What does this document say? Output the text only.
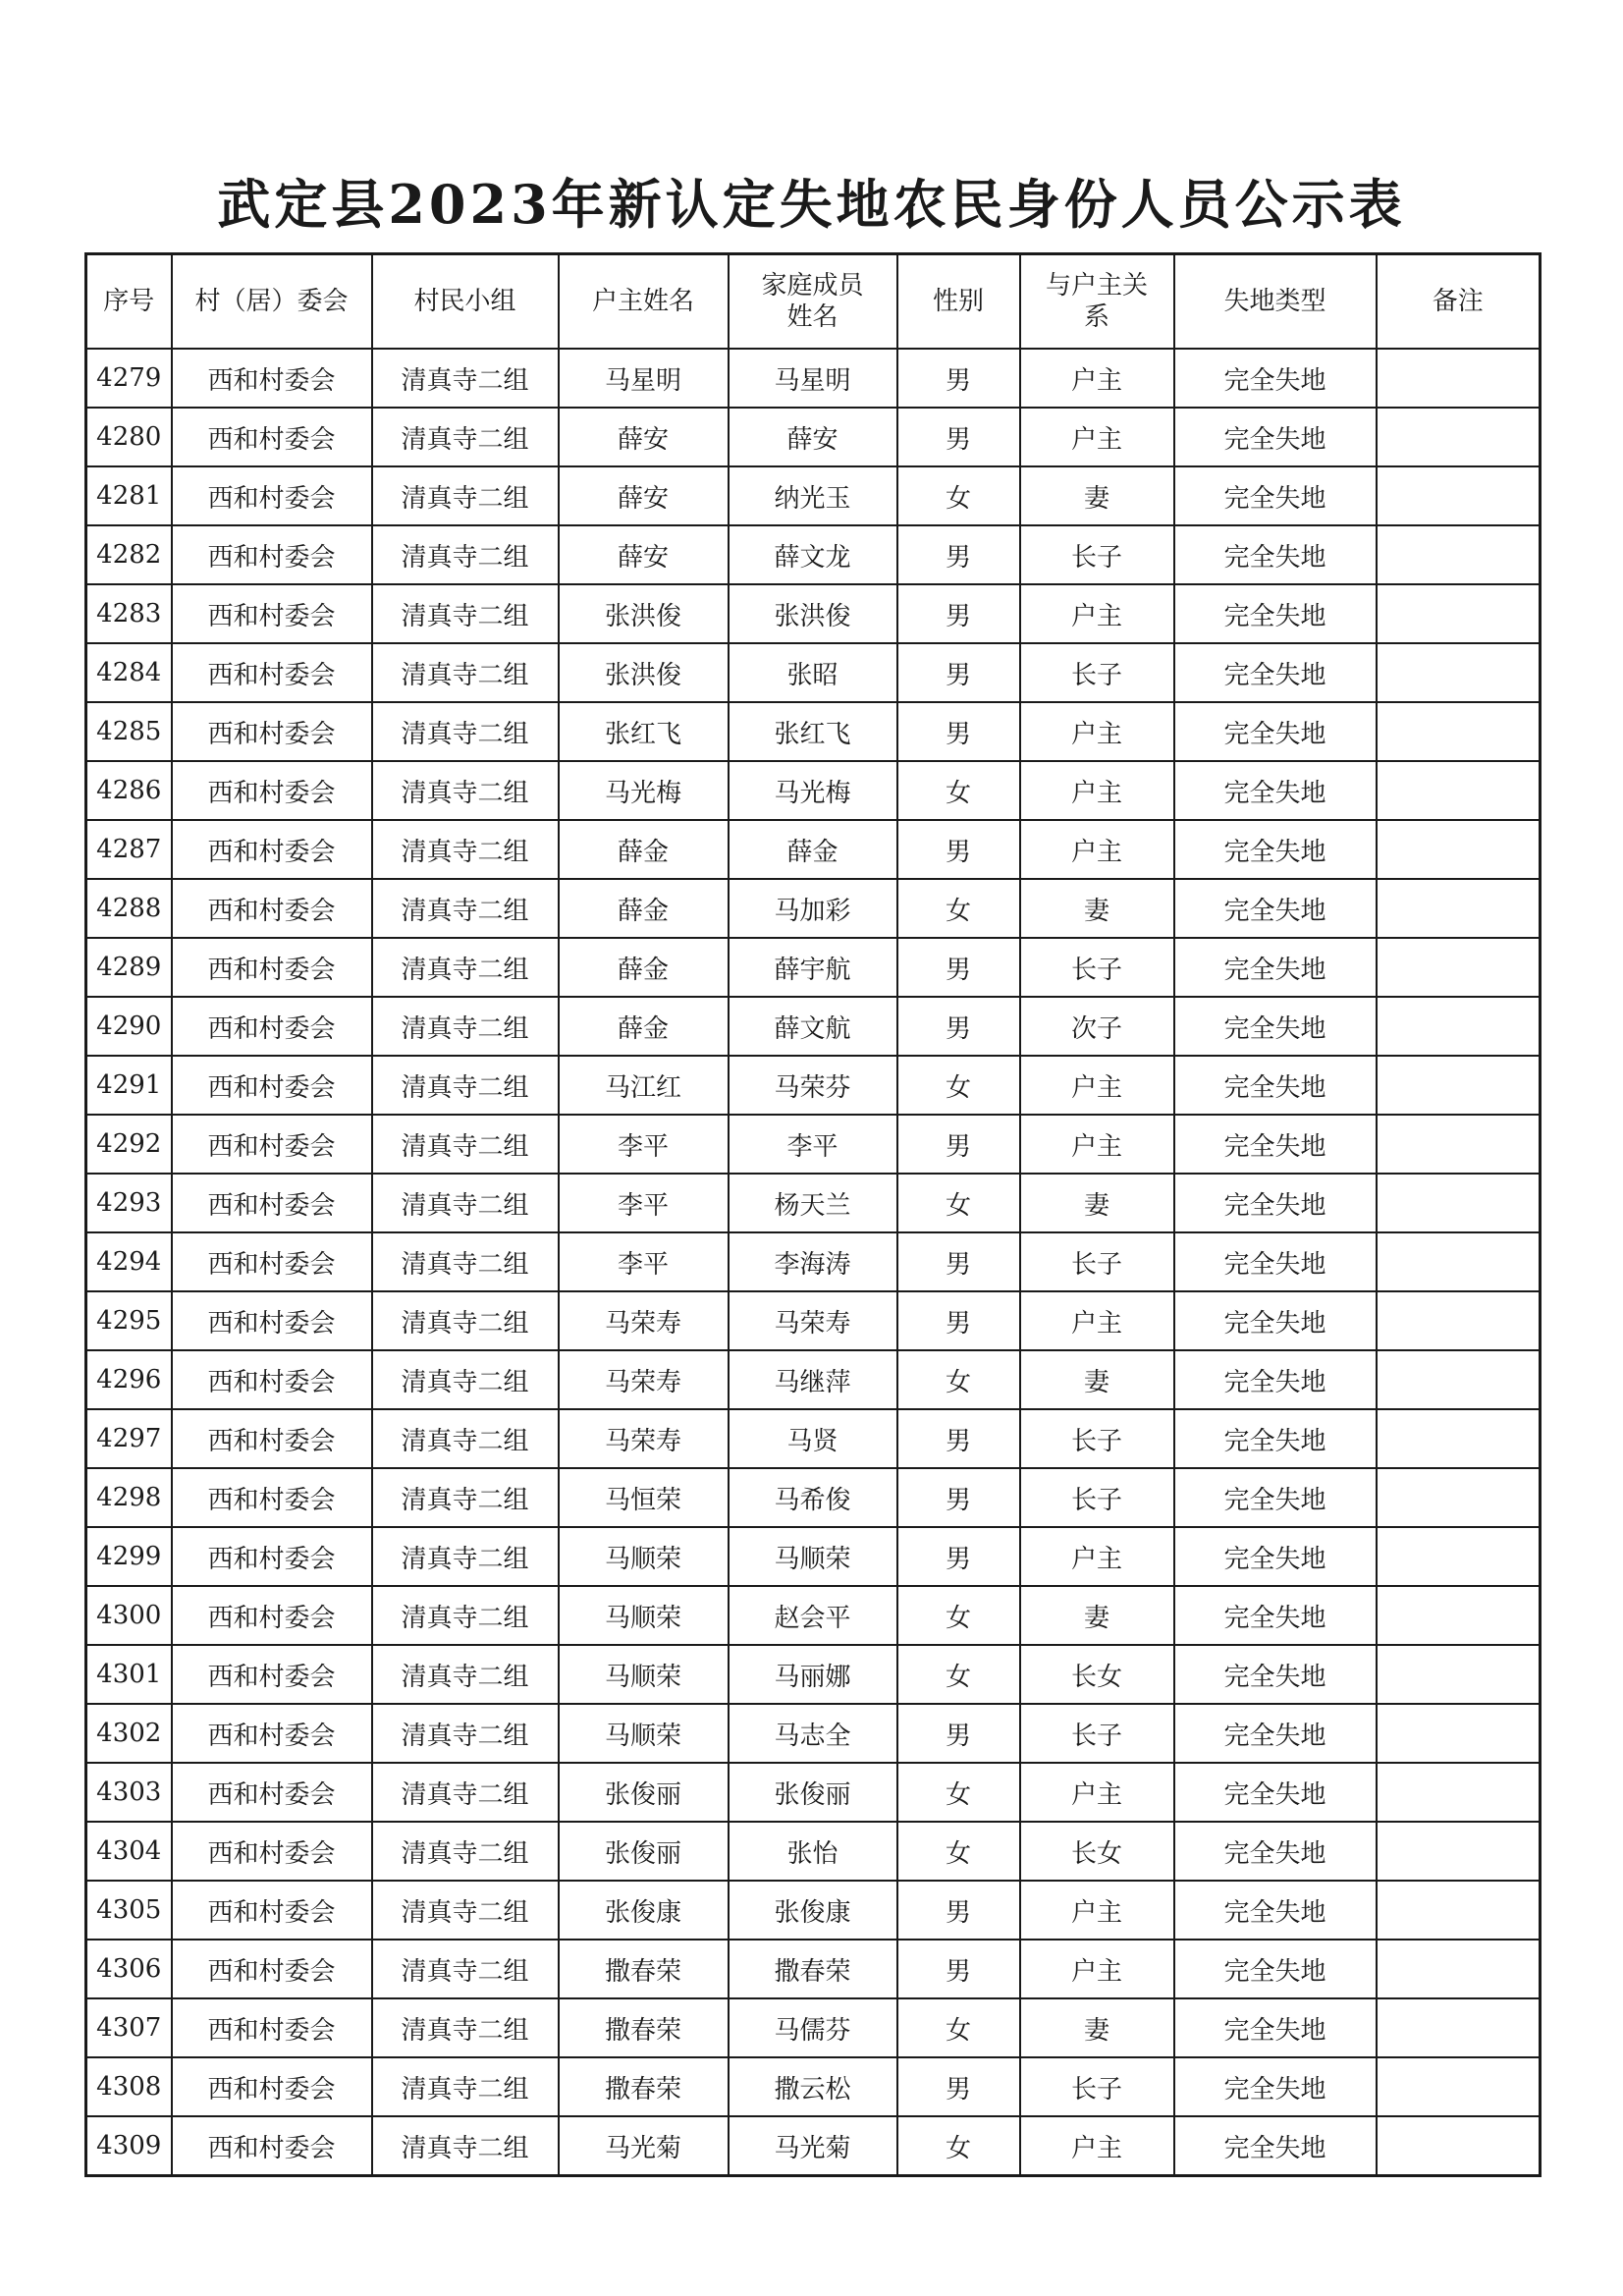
武定县2023年新认定失地农民身份人员公示表
序号	村（居）委会	村民小组	户主姓名	家庭成员姓名	性别	与户主关系	失地类型	备注
4279	西和村委会	清真寺二组	马星明	马星明	男	户主	完全失地	
4280	西和村委会	清真寺二组	薛安	薛安	男	户主	完全失地	
4281	西和村委会	清真寺二组	薛安	纳光玉	女	妻	完全失地	
4282	西和村委会	清真寺二组	薛安	薛文龙	男	长子	完全失地	
4283	西和村委会	清真寺二组	张洪俊	张洪俊	男	户主	完全失地	
4284	西和村委会	清真寺二组	张洪俊	张昭	男	长子	完全失地	
4285	西和村委会	清真寺二组	张红飞	张红飞	男	户主	完全失地	
4286	西和村委会	清真寺二组	马光梅	马光梅	女	户主	完全失地	
4287	西和村委会	清真寺二组	薛金	薛金	男	户主	完全失地	
4288	西和村委会	清真寺二组	薛金	马加彩	女	妻	完全失地	
4289	西和村委会	清真寺二组	薛金	薛宇航	男	长子	完全失地	
4290	西和村委会	清真寺二组	薛金	薛文航	男	次子	完全失地	
4291	西和村委会	清真寺二组	马江红	马荣芬	女	户主	完全失地	
4292	西和村委会	清真寺二组	李平	李平	男	户主	完全失地	
4293	西和村委会	清真寺二组	李平	杨天兰	女	妻	完全失地	
4294	西和村委会	清真寺二组	李平	李海涛	男	长子	完全失地	
4295	西和村委会	清真寺二组	马荣寿	马荣寿	男	户主	完全失地	
4296	西和村委会	清真寺二组	马荣寿	马继萍	女	妻	完全失地	
4297	西和村委会	清真寺二组	马荣寿	马贤	男	长子	完全失地	
4298	西和村委会	清真寺二组	马恒荣	马希俊	男	长子	完全失地	
4299	西和村委会	清真寺二组	马顺荣	马顺荣	男	户主	完全失地	
4300	西和村委会	清真寺二组	马顺荣	赵会平	女	妻	完全失地	
4301	西和村委会	清真寺二组	马顺荣	马丽娜	女	长女	完全失地	
4302	西和村委会	清真寺二组	马顺荣	马志全	男	长子	完全失地	
4303	西和村委会	清真寺二组	张俊丽	张俊丽	女	户主	完全失地	
4304	西和村委会	清真寺二组	张俊丽	张怡	女	长女	完全失地	
4305	西和村委会	清真寺二组	张俊康	张俊康	男	户主	完全失地	
4306	西和村委会	清真寺二组	撒春荣	撒春荣	男	户主	完全失地	
4307	西和村委会	清真寺二组	撒春荣	马儒芬	女	妻	完全失地	
4308	西和村委会	清真寺二组	撒春荣	撒云松	男	长子	完全失地	
4309	西和村委会	清真寺二组	马光菊	马光菊	女	户主	完全失地	
